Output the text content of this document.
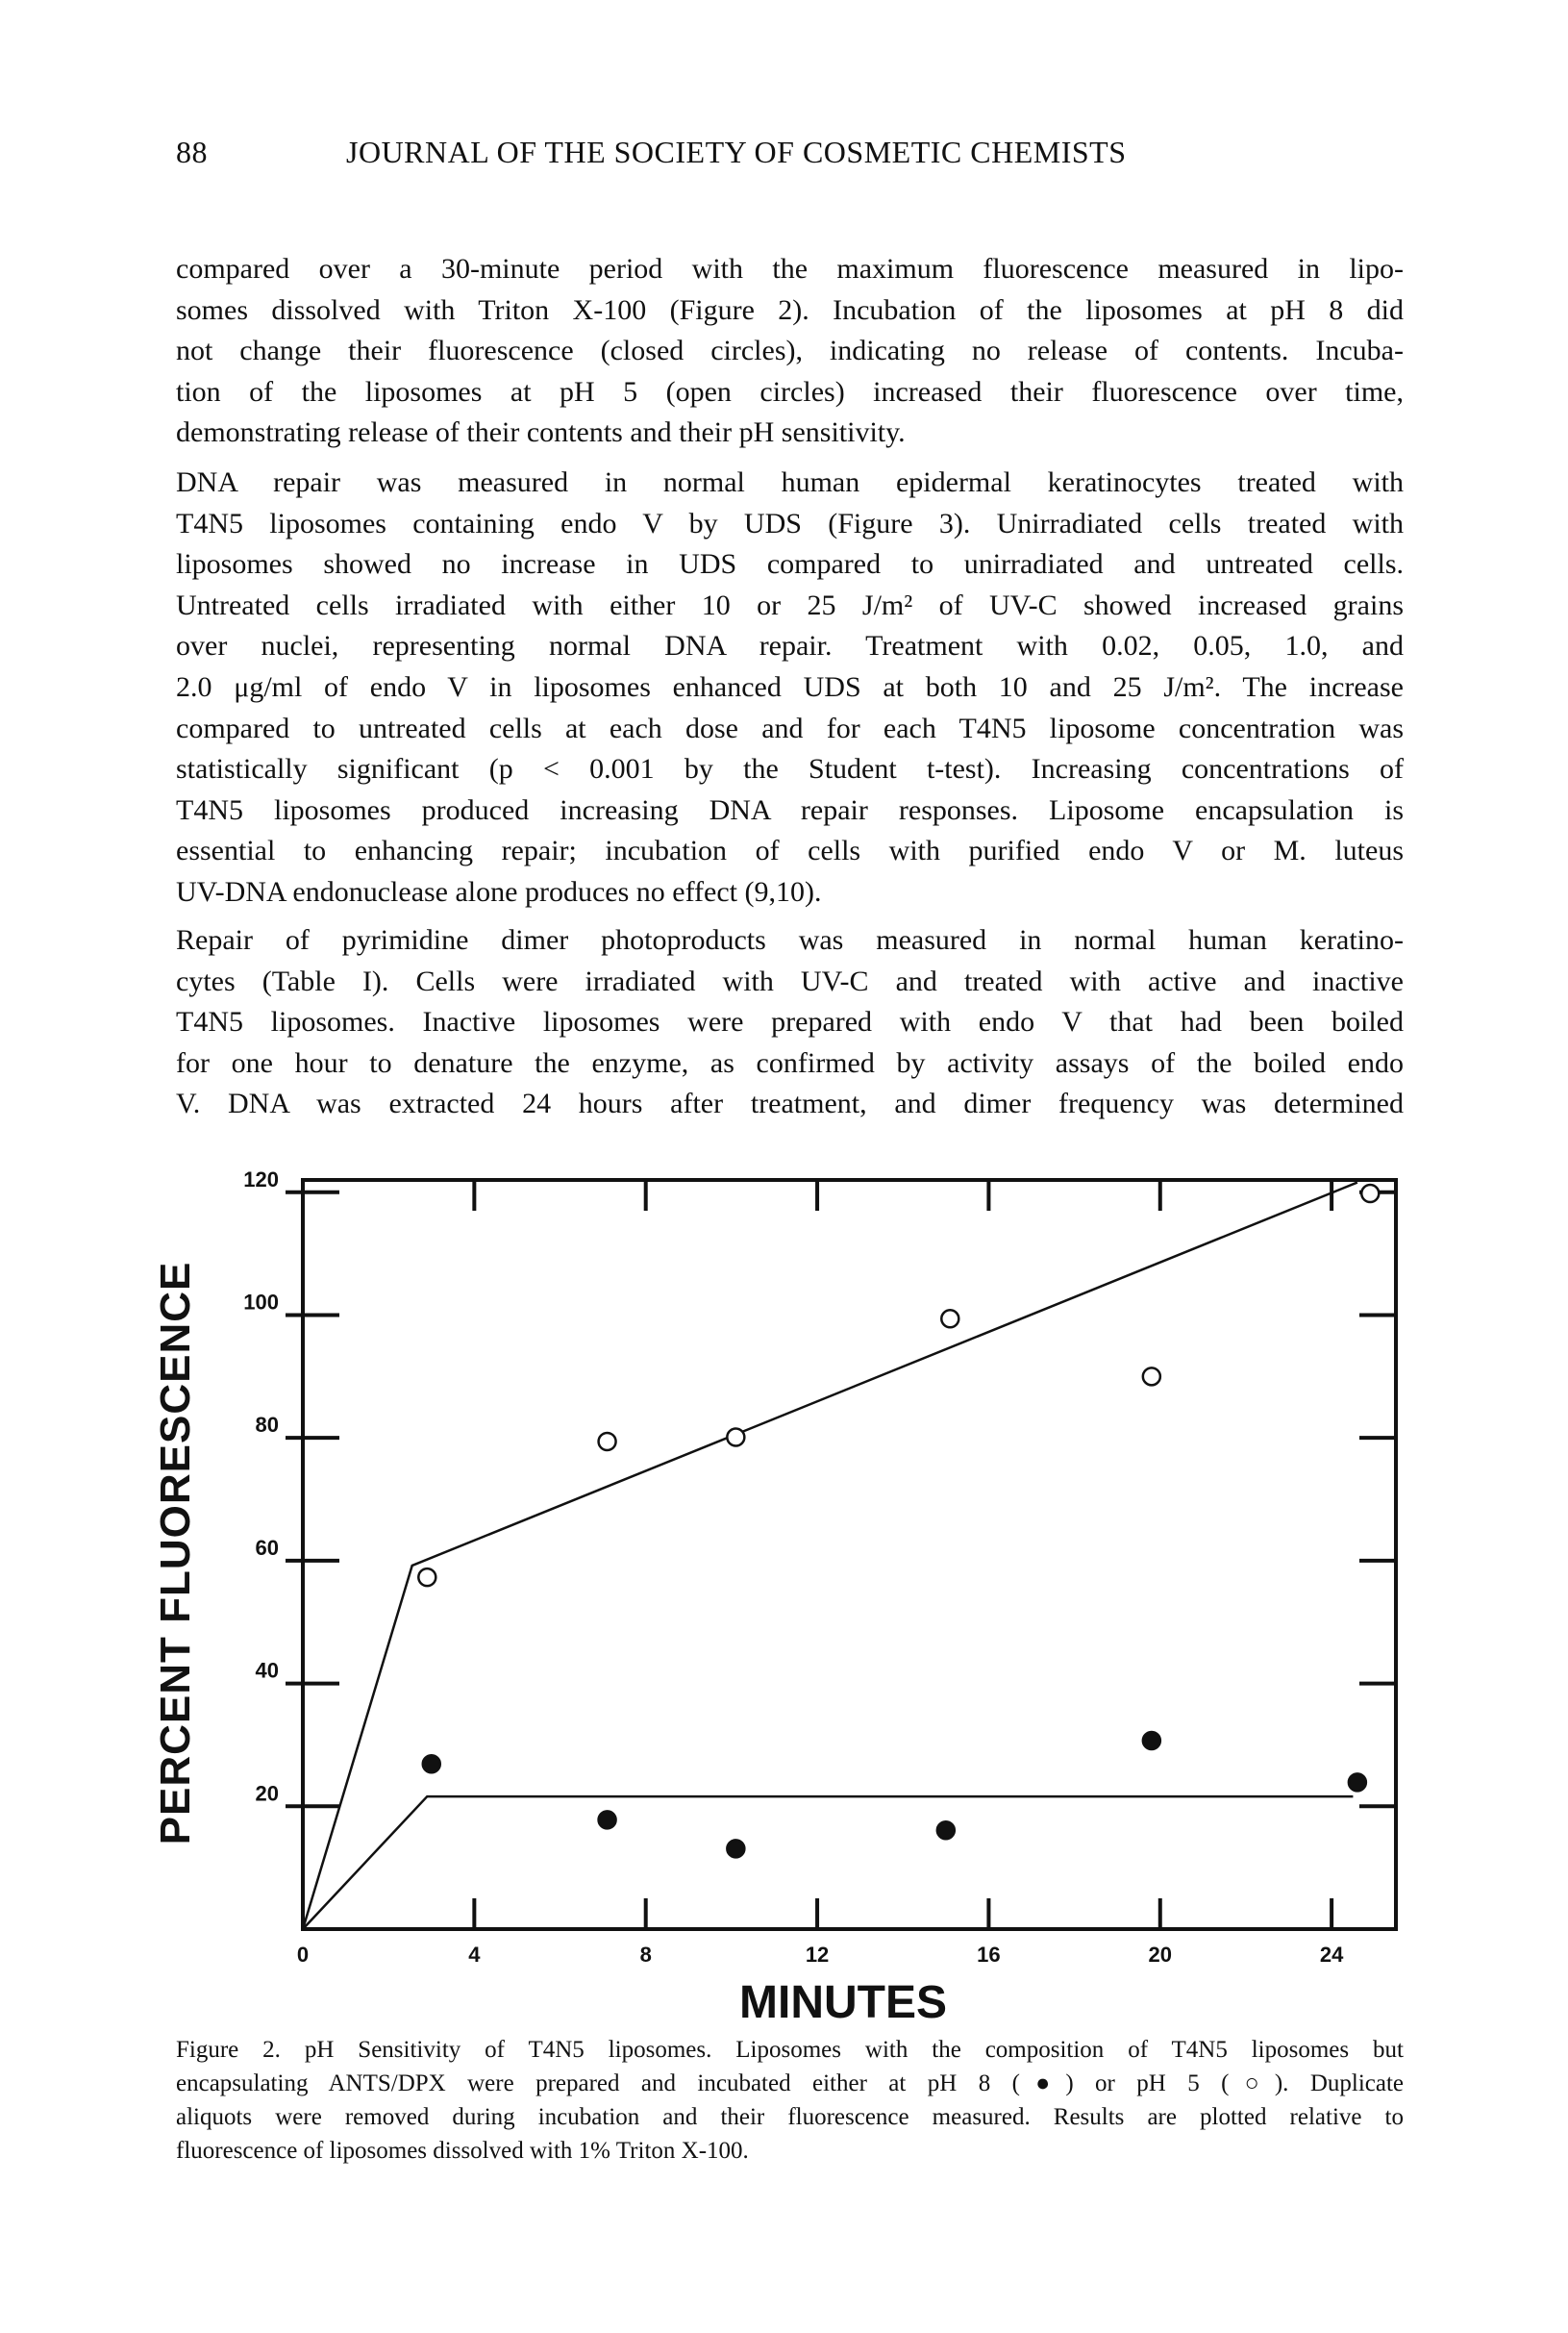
88	JOURNAL OF THE SOCIETY OF COSMETIC CHEMISTS
compared over a 30-minute period with the maximum fluorescence measured in lipo-
somes dissolved with Triton X-100 (Figure 2). Incubation of the liposomes at pH 8 did
not change their fluorescence (closed circles), indicating no release of contents. Incuba-
tion of the liposomes at pH 5 (open circles) increased their fluorescence over time,
demonstrating release of their contents and their pH sensitivity.
DNA repair was measured in normal human epidermal keratinocytes treated with
T4N5 liposomes containing endo V by UDS (Figure 3). Unirradiated cells treated with
liposomes showed no increase in UDS compared to unirradiated and untreated cells.
Untreated cells irradiated with either 10 or 25 J/m² of UV-C showed increased grains
over nuclei, representing normal DNA repair. Treatment with 0.02, 0.05, 1.0, and
2.0 μg/ml of endo V in liposomes enhanced UDS at both 10 and 25 J/m². The increase
compared to untreated cells at each dose and for each T4N5 liposome concentration was
statistically significant (p < 0.001 by the Student t-test). Increasing concentrations of
T4N5 liposomes produced increasing DNA repair responses. Liposome encapsulation is
essential to enhancing repair; incubation of cells with purified endo V or M. luteus
UV-DNA endonuclease alone produces no effect (9,10).
Repair of pyrimidine dimer photoproducts was measured in normal human keratino-
cytes (Table I). Cells were irradiated with UV-C and treated with active and inactive
T4N5 liposomes. Inactive liposomes were prepared with endo V that had been boiled
for one hour to denature the enzyme, as confirmed by activity assays of the boiled endo
V. DNA was extracted 24 hours after treatment, and dimer frequency was determined
20
40
60
80
100
120
0	4	8	12	16	20	24
PERCENT FLUORESCENCE
MINUTES
Figure 2. pH Sensitivity of T4N5 liposomes. Liposomes with the composition of T4N5 liposomes but
encapsulating ANTS/DPX were prepared and incubated either at pH 8 (●) or pH 5 (○). Duplicate
aliquots were removed during incubation and their fluorescence measured. Results are plotted relative to
fluorescence of liposomes dissolved with 1% Triton X-100.
